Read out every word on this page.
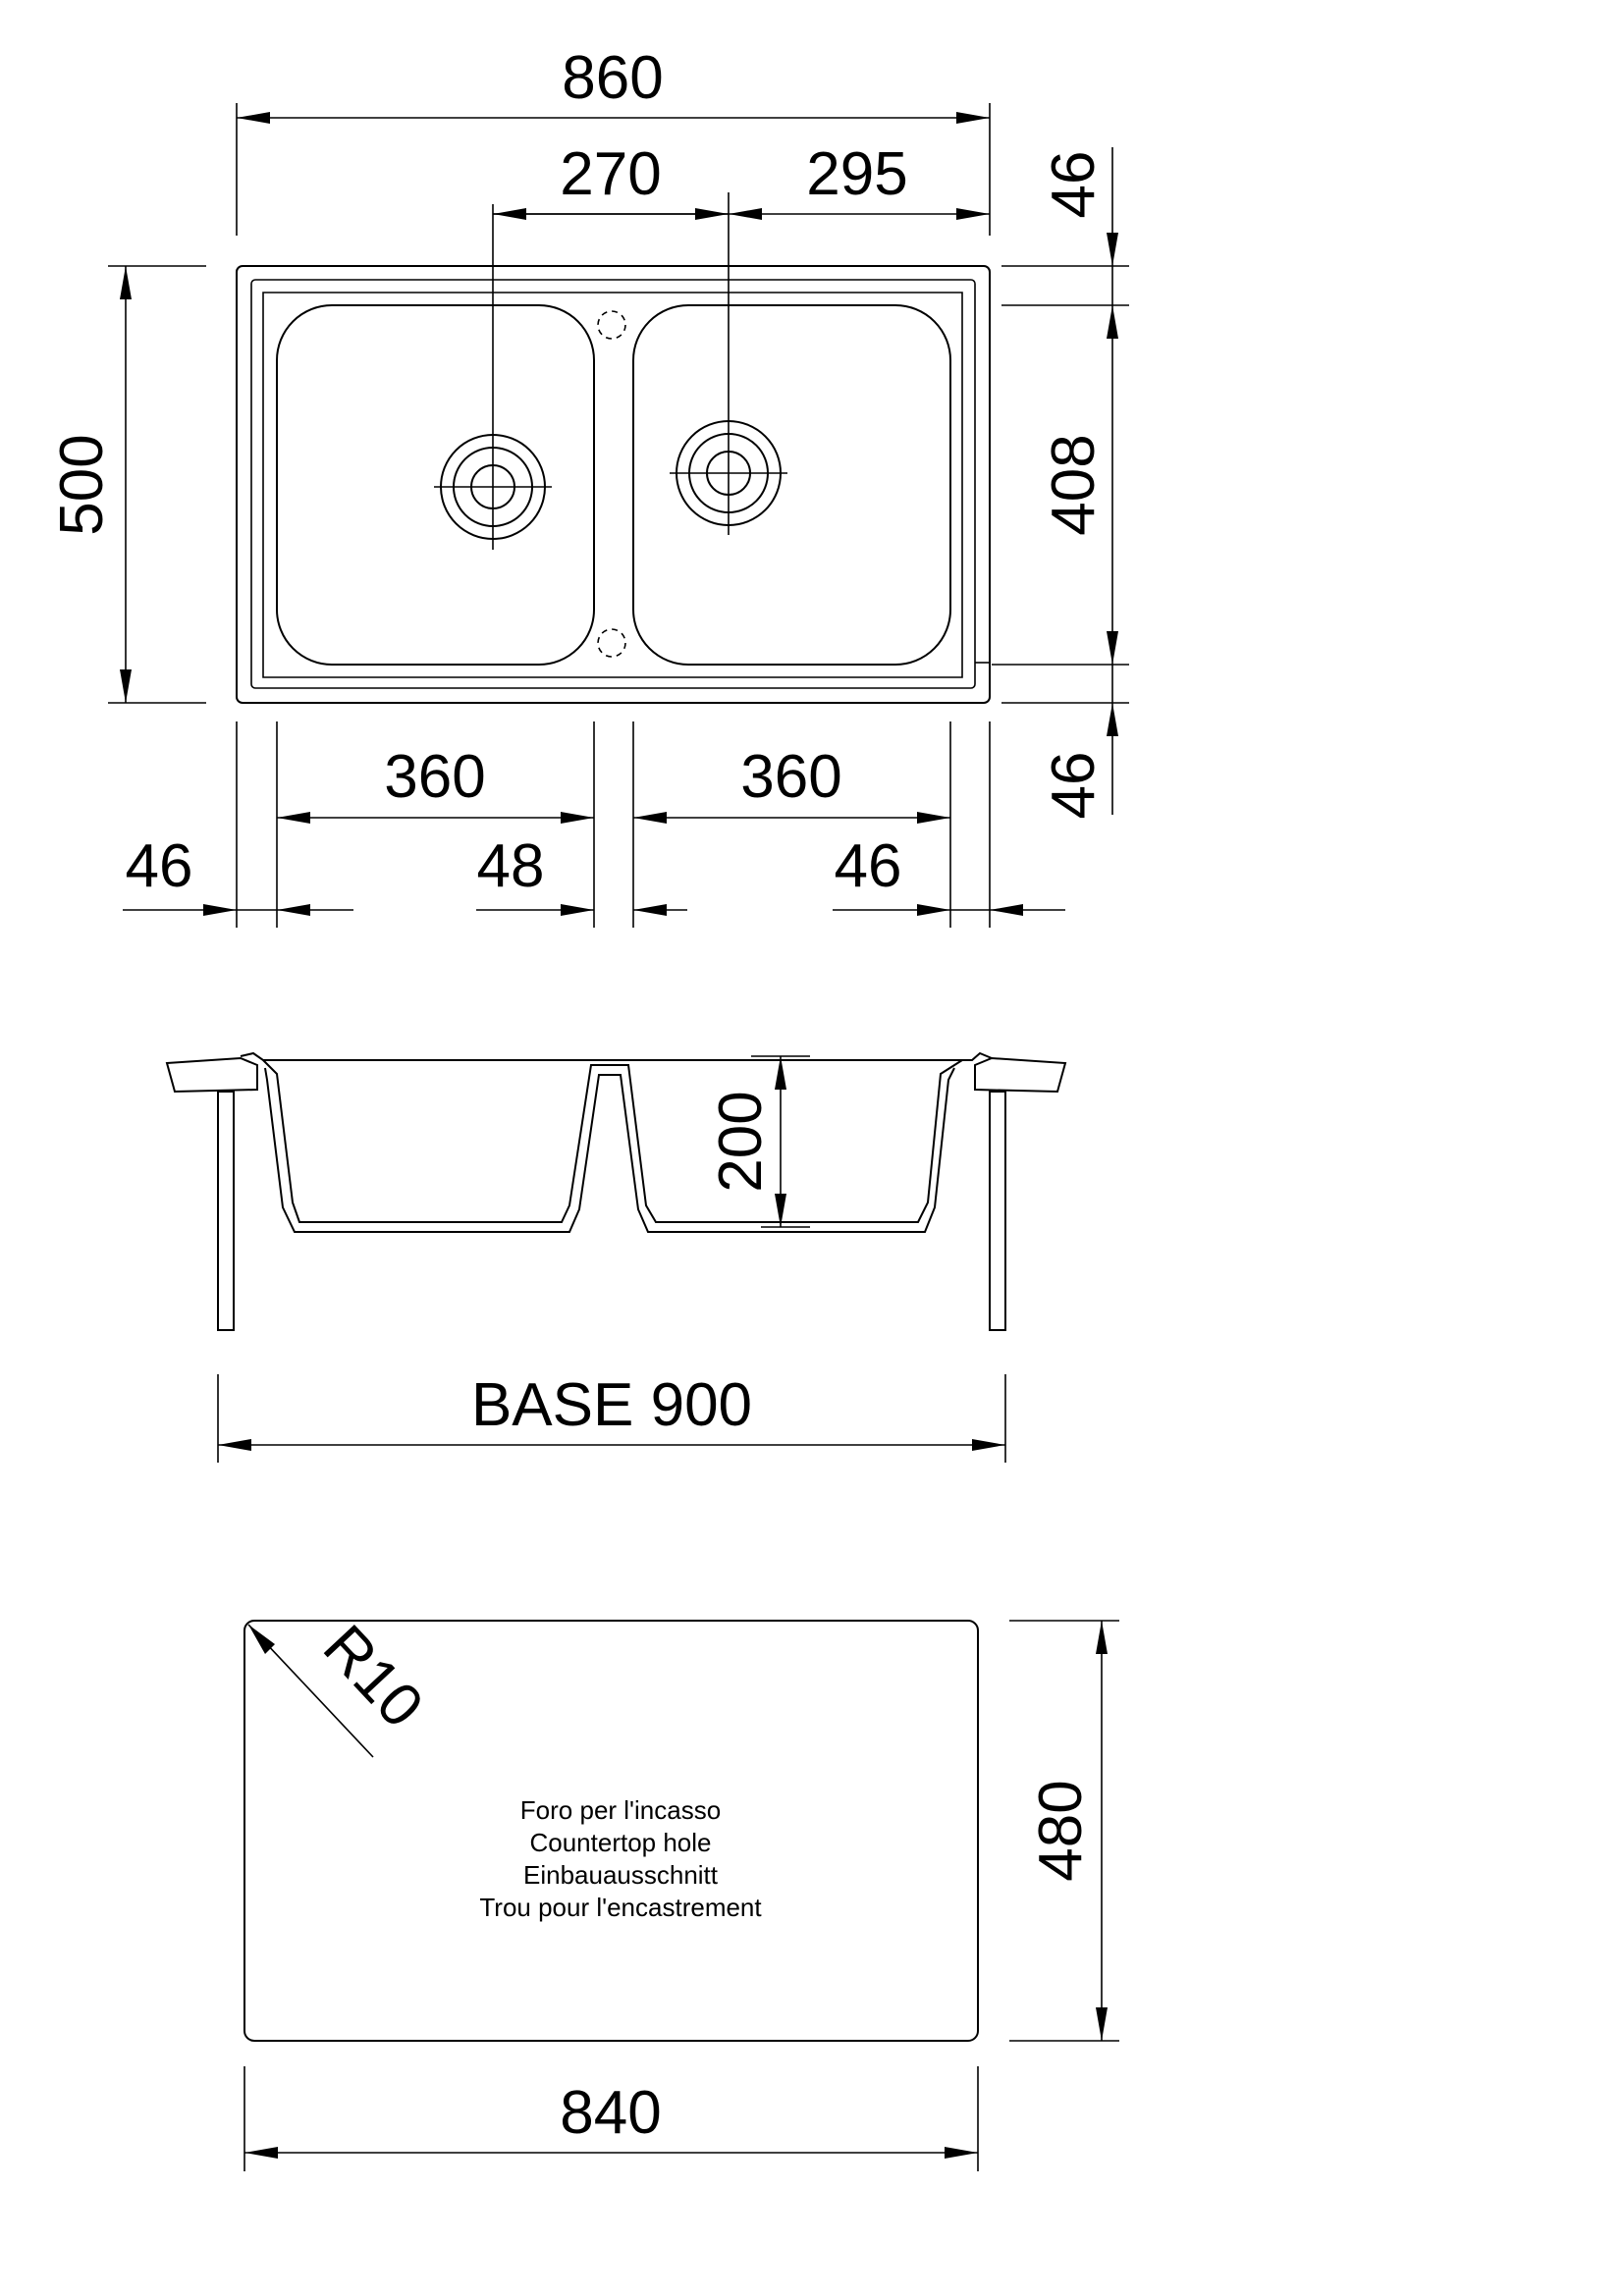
860
270 295
500
46
408
46
360	360
46	48	46
200
BASE 900
R10
Foro per l'incasso
Countertop hole
Einbauausschnitt
Trou pour l'encastrement
480
840
